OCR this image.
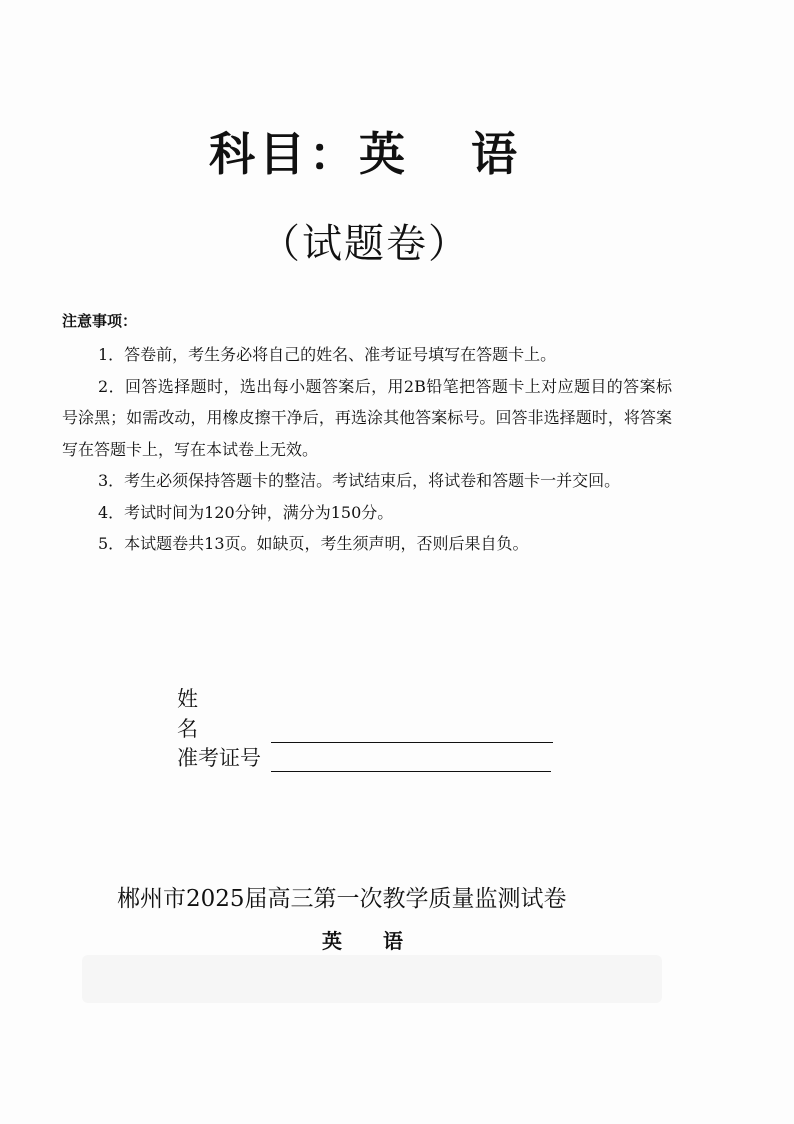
科目：英 语
（试题卷）
注意事项：

1．答卷前，考生务必将自己的姓名、准考证号填写在答题卡上。

2．回答选择题时，选出每小题答案后，用2B铅笔把答题卡上对应题目的答案标号涂黑；如需改动，用橡皮擦干净后，再选涂其他答案标号。回答非选择题时，将答案写在答题卡上，写在本试卷上无效。

3．考生必须保持答题卡的整洁。考试结束后，将试卷和答题卡一并交回。

4．考试时间为120分钟，满分为150分。

5．本试题卷共13页。如缺页，考生须声明，否则后果自负。

姓名
准考证号
郴州市2025届高三第一次教学质量监测试卷
英 语
